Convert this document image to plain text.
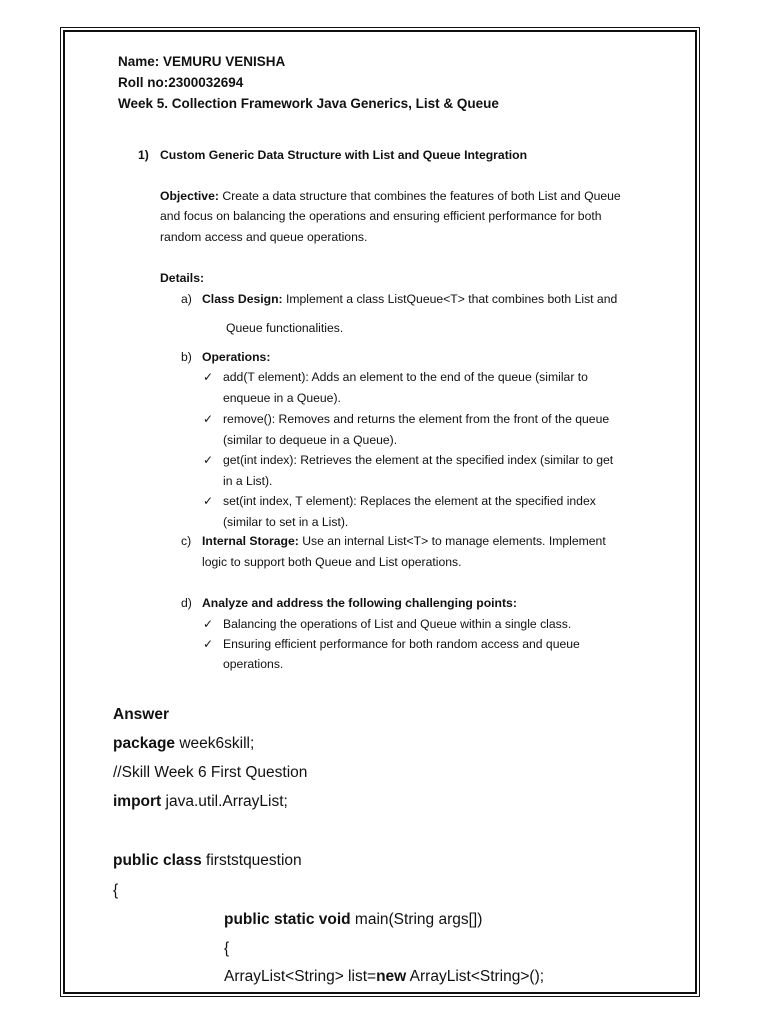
Name: VEMURU VENISHA
Roll no:2300032694
Week 5. Collection Framework Java Generics, List & Queue
1) Custom Generic Data Structure with List and Queue Integration
Objective: Create a data structure that combines the features of both List and Queue
and focus on balancing the operations and ensuring efficient performance for both
random access and queue operations.
Details:
a) Class Design: Implement a class ListQueue<T> that combines both List and
Queue functionalities.
b) Operations:
✓ add(T element): Adds an element to the end of the queue (similar to
enqueue in a Queue).
✓ remove(): Removes and returns the element from the front of the queue
(similar to dequeue in a Queue).
✓ get(int index): Retrieves the element at the specified index (similar to get
in a List).
✓ set(int index, T element): Replaces the element at the specified index
(similar to set in a List).
c) Internal Storage: Use an internal List<T> to manage elements. Implement
logic to support both Queue and List operations.
d) Analyze and address the following challenging points:
✓ Balancing the operations of List and Queue within a single class.
✓ Ensuring efficient performance for both random access and queue
operations.
Answer
package week6skill;
//Skill Week 6 First Question
import java.util.ArrayList;
public class firststquestion
{
public static void main(String args[])
{
ArrayList<String> list=new ArrayList<String>();
